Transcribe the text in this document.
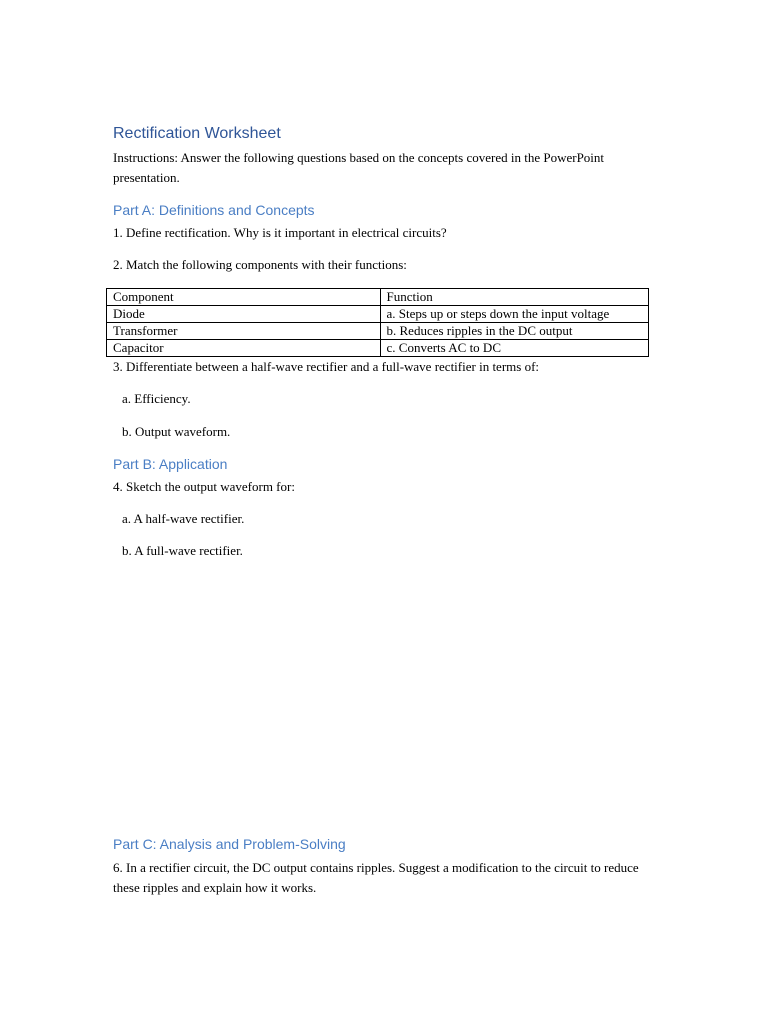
Rectification Worksheet
Instructions: Answer the following questions based on the concepts covered in the PowerPoint presentation.
Part A: Definitions and Concepts
1. Define rectification. Why is it important in electrical circuits?
2. Match the following components with their functions:
Component	Function
Diode	a. Steps up or steps down the input voltage
Transformer	b. Reduces ripples in the DC output
Capacitor	c. Converts AC to DC
3. Differentiate between a half-wave rectifier and a full-wave rectifier in terms of:
a. Efficiency.
b. Output waveform.
Part B: Application
4. Sketch the output waveform for:
a. A half-wave rectifier.
b. A full-wave rectifier.
Part C: Analysis and Problem-Solving
6. In a rectifier circuit, the DC output contains ripples. Suggest a modification to the circuit to reduce these ripples and explain how it works.
